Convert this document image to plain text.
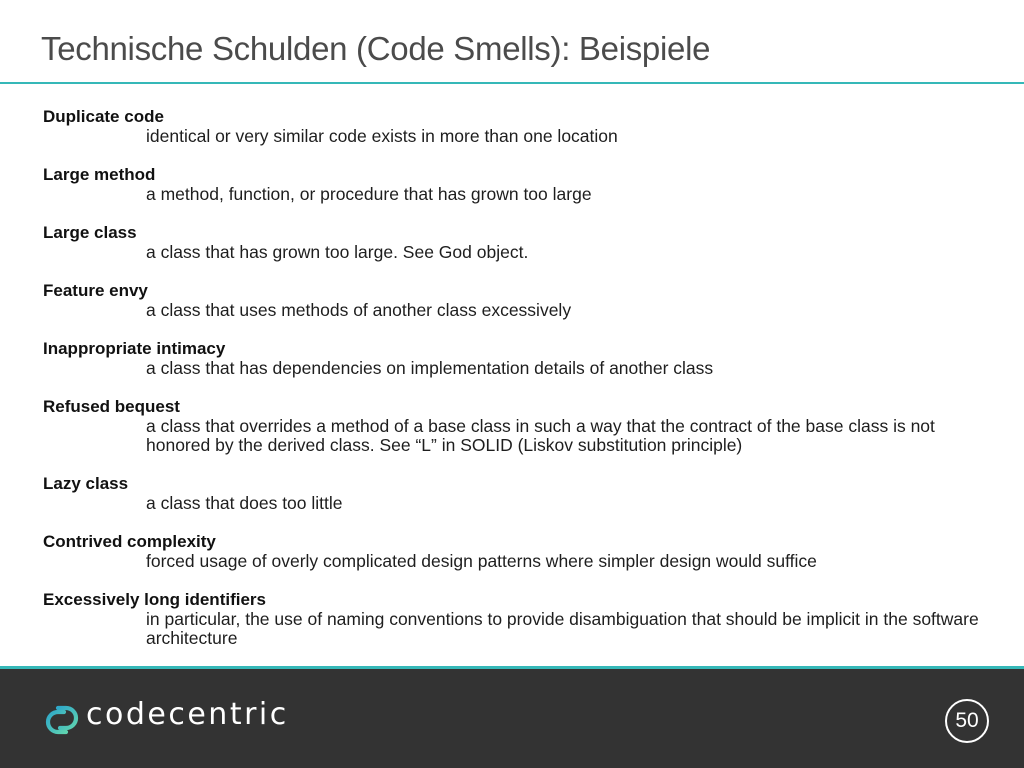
Technische Schulden (Code Smells): Beispiele
Duplicate code
identical or very similar code exists in more than one location
Large method
a method, function, or procedure that has grown too large
Large class
a class that has grown too large. See God object.
Feature envy
a class that uses methods of another class excessively
Inappropriate intimacy
a class that has dependencies on implementation details of another class
Refused bequest
a class that overrides a method of a base class in such a way that the contract of the base class is not honored by the derived class. See “L” in SOLID (Liskov substitution principle)
Lazy class
a class that does too little
Contrived complexity
forced usage of overly complicated design patterns where simpler design would suffice
Excessively long identifiers
in particular, the use of naming conventions to provide disambiguation that should be implicit in the software architecture
codecentric	50
